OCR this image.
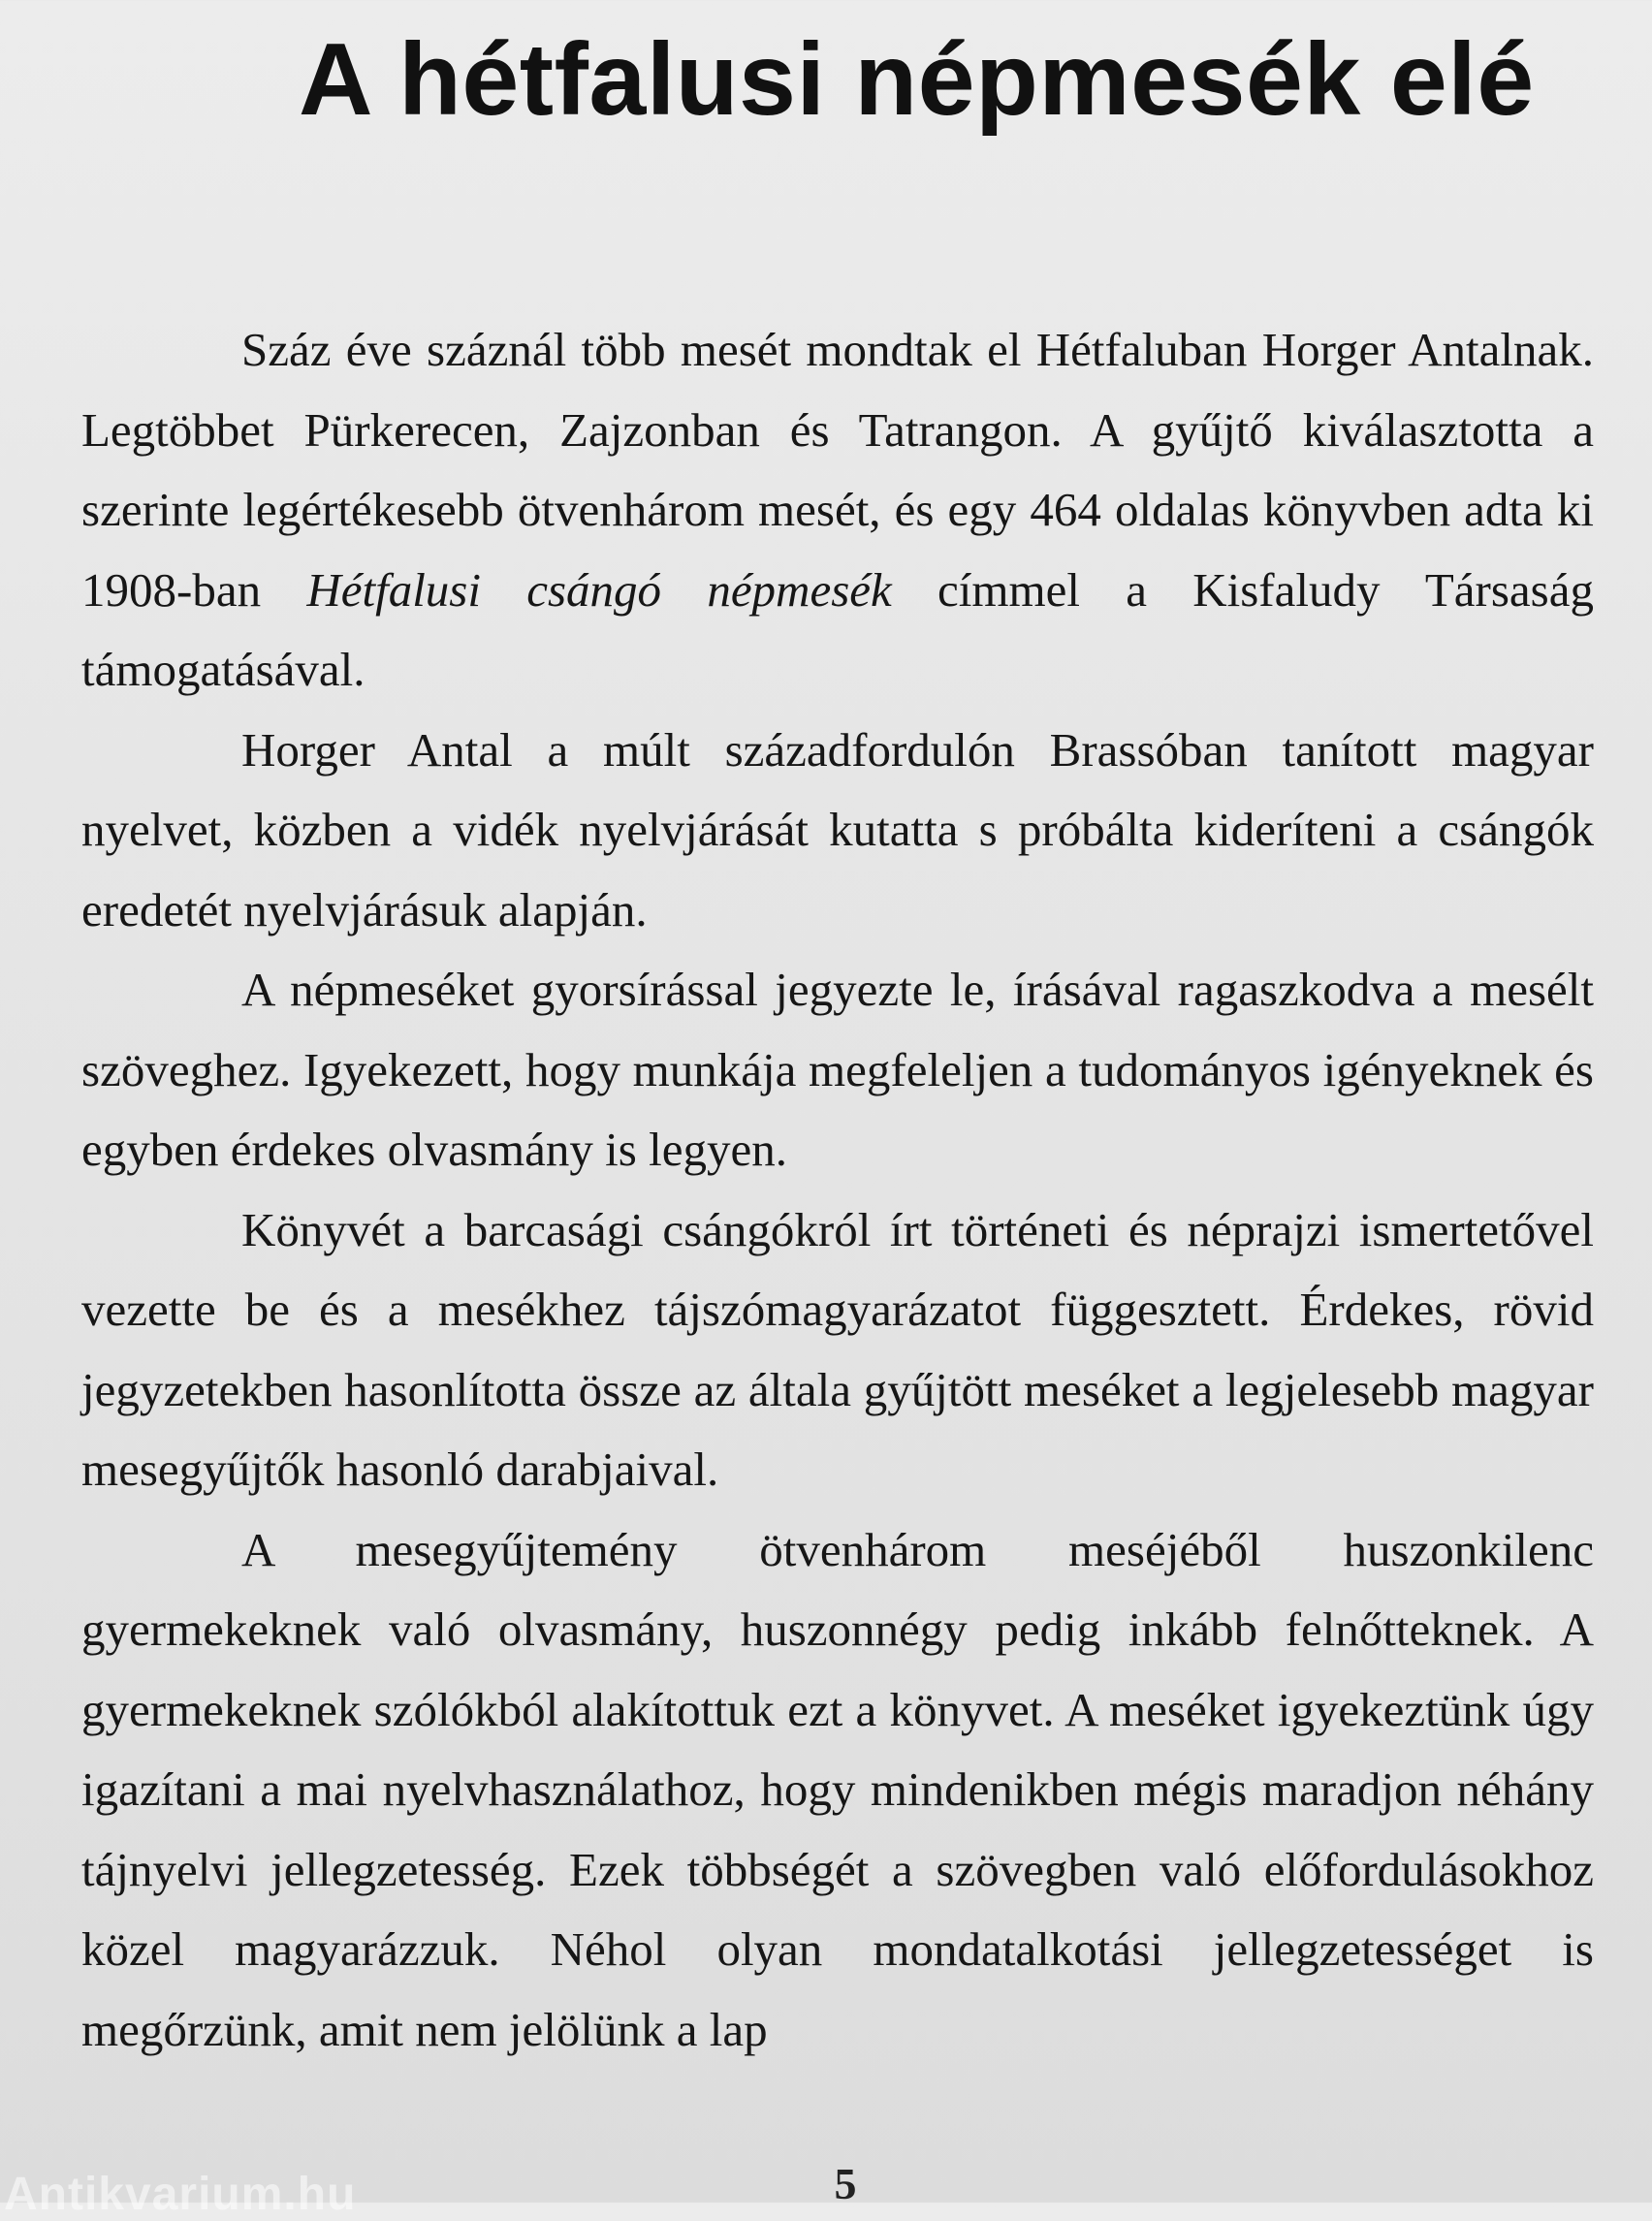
A hétfalusi népmesék elé

Száz éve száznál több mesét mondtak el Hétfaluban Horger Antalnak. Legtöbbet Pürkerecen, Zajzonban és Tatrangon. A gyűjtő kiválasztotta a szerinte legértékesebb ötvenhárom mesét, és egy 464 oldalas könyvben adta ki 1908-ban Hétfalusi csángó népmesék címmel a Kisfaludy Társaság támogatásával.

Horger Antal a múlt századfordulón Brassóban tanított magyar nyelvet, közben a vidék nyelvjárását kutatta s próbálta kideríteni a csángók eredetét nyelvjárásuk alapján.

A népmeséket gyorsírással jegyezte le, írásával ragaszkodva a mesélt szöveghez. Igyekezett, hogy munkája megfeleljen a tudományos igényeknek és egyben érdekes olvasmány is legyen.

Könyvét a barcasági csángókról írt történeti és néprajzi ismertetővel vezette be és a mesékhez tájszómagyarázatot függesztett. Érdekes, rövid jegyzetekben hasonlította össze az általa gyűjtött meséket a legjelesebb magyar mesegyűjtők hasonló darabjaival.

A mesegyűjtemény ötvenhárom meséjéből huszonkilenc gyermekeknek való olvasmány, huszonnégy pedig inkább felnőtteknek. A gyermekeknek szólókból alakítottuk ezt a könyvet. A meséket igyekeztünk úgy igazítani a mai nyelvhasználathoz, hogy mindenikben mégis maradjon néhány tájnyelvi jellegzetesség. Ezek többségét a szövegben való előfordulásokhoz közel magyarázzuk. Néhol olyan mondatalkotási jellegzetességet is megőrzünk, amit nem jelölünk a lap

5
Antikvarium.hu
